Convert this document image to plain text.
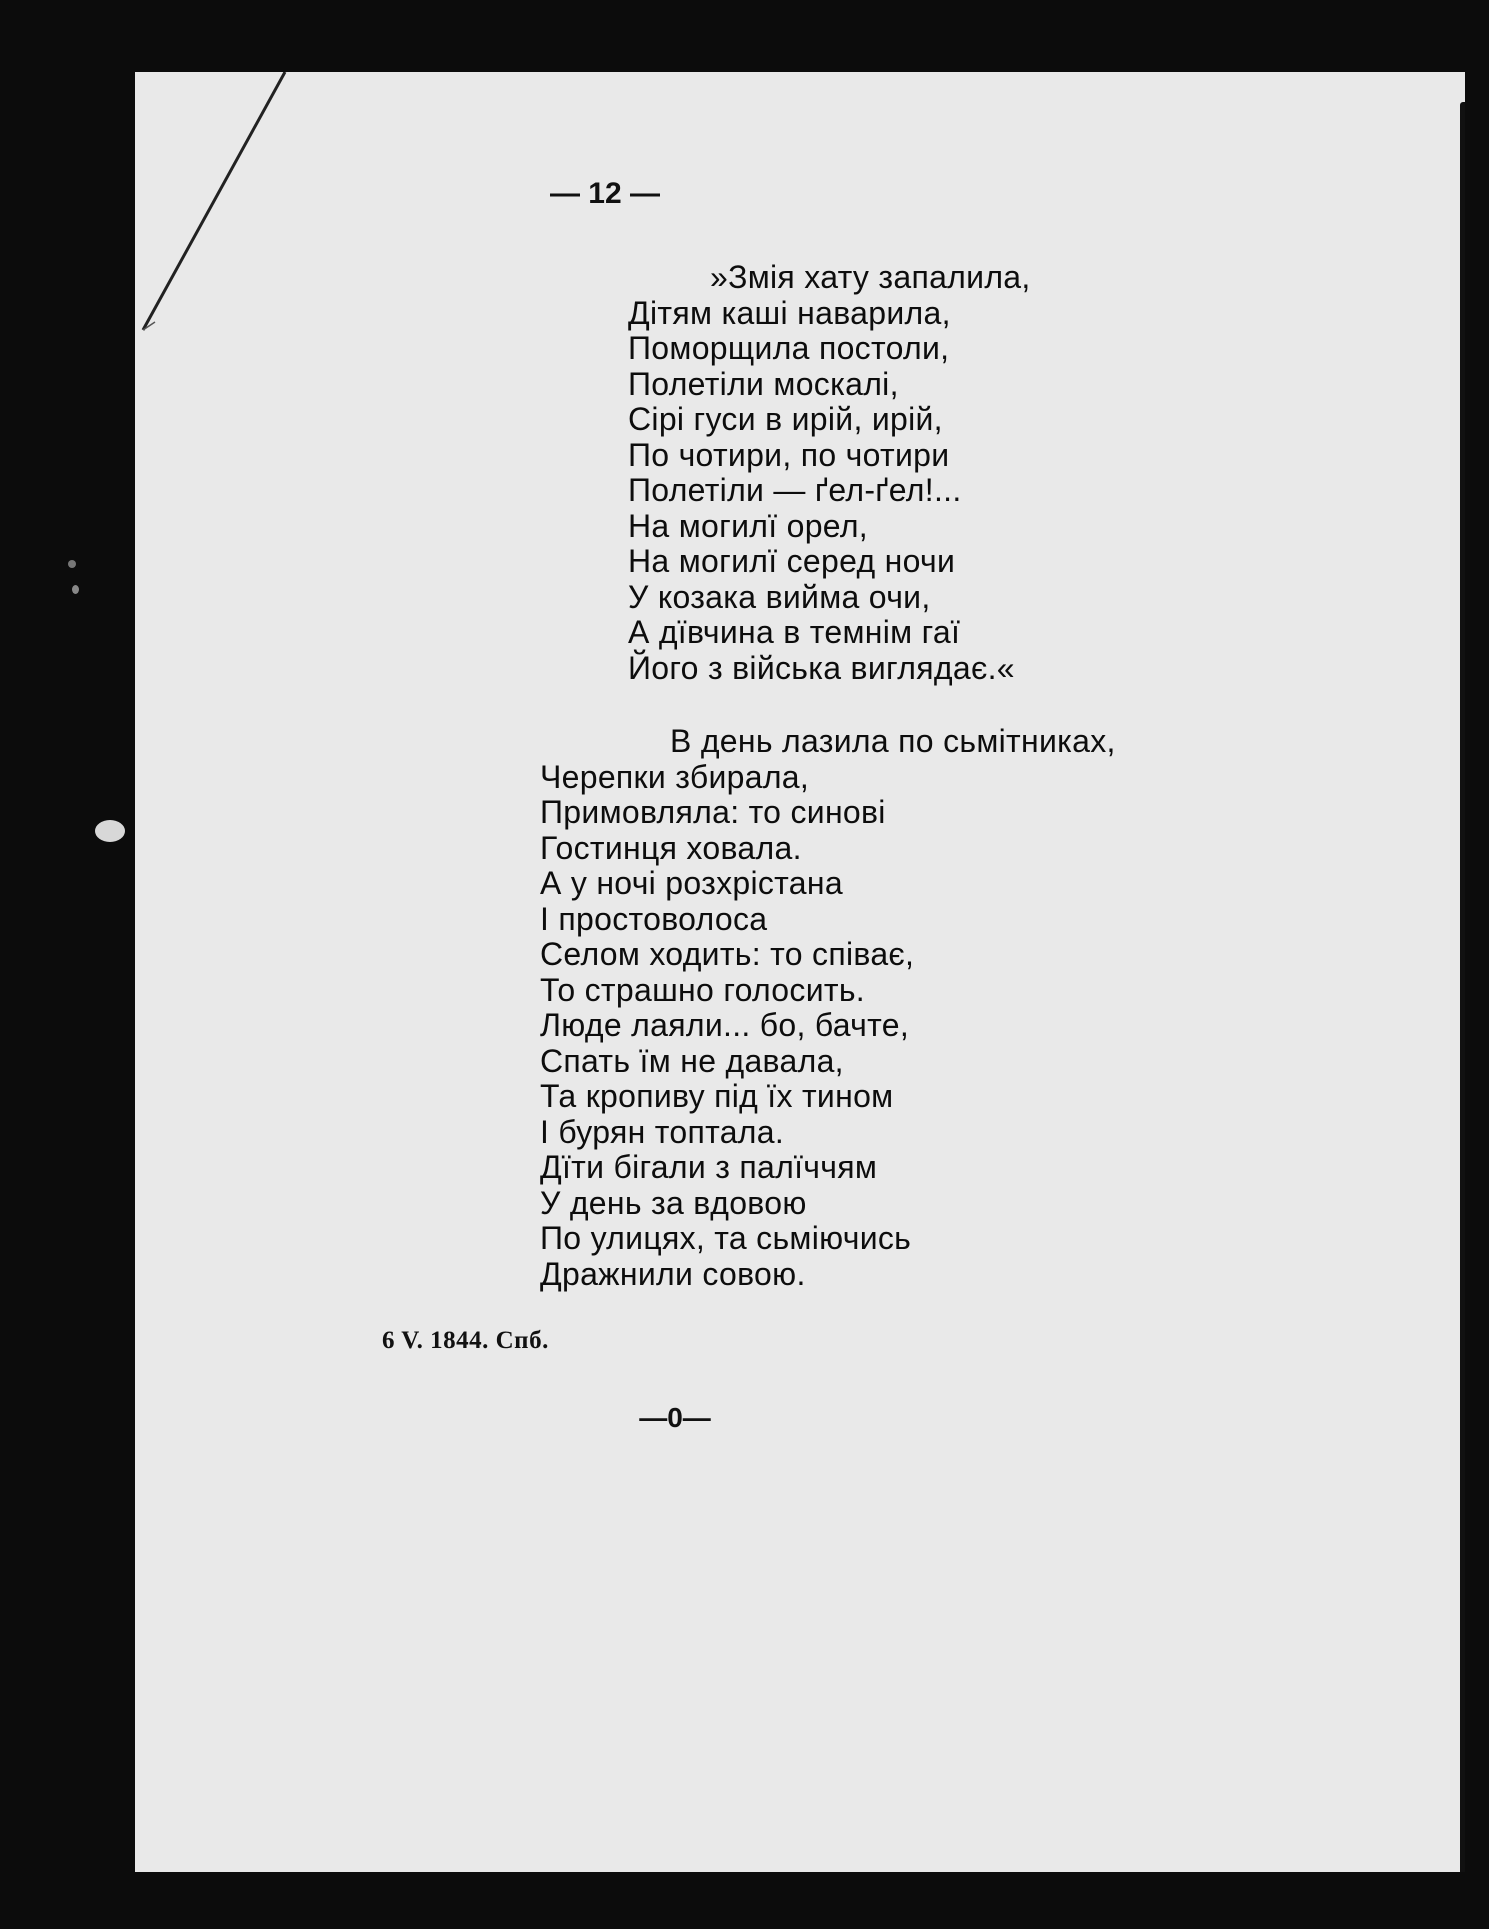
— 12 —
»Змія хату запалила,
Дітям каші наварила,
Поморщила постоли,
Полетіли москалі,
Сірі гуси в ирій, ирій,
По чотири, по чотири
Полетіли — ґел-ґел!...
На могилї орел,
На могилї серед ночи
У козака вийма очи,
А дївчина в темнім гаї
Його з війська виглядає.«
В день лазила по сьмітниках,
Черепки збирала,
Примовляла: то синові
Гостинця ховала.
А у ночі розхрістана
І простоволоса
Селом ходить: то співає,
То страшно голосить.
Люде лаяли... бо, бачте,
Спать їм не давала,
Та кропиву під їх тином
І бурян топтала.
Дїти бігали з палїччям
У день за вдовою
По улицях, та сьміючись
Дражнили совою.
6 V. 1844. Спб.
—0—
